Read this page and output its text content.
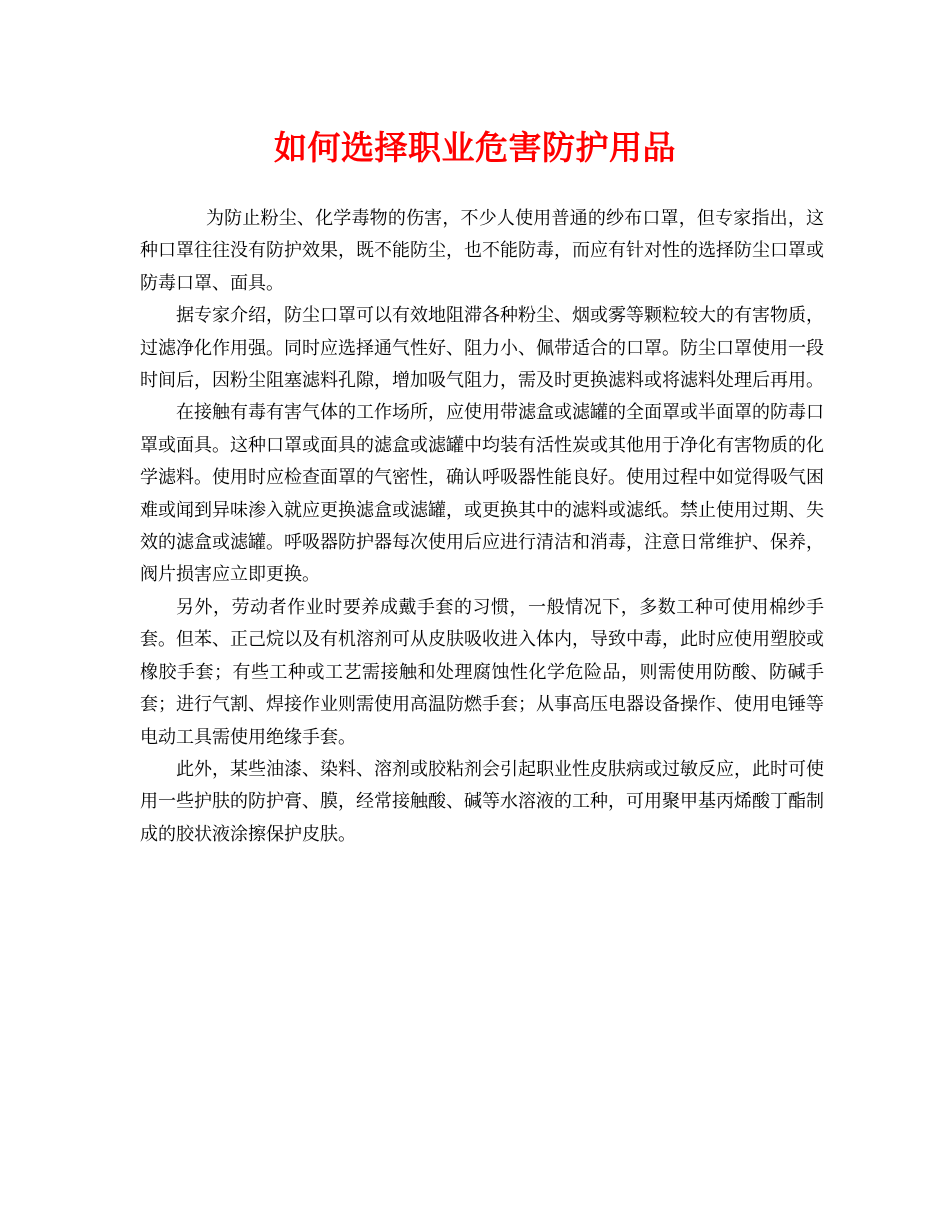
如何选择职业危害防护用品

为防止粉尘、化学毒物的伤害，不少人使用普通的纱布口罩，但专家指出，这种口罩往往没有防护效果，既不能防尘，也不能防毒，而应有针对性的选择防尘口罩或防毒口罩、面具。

据专家介绍，防尘口罩可以有效地阻滞各种粉尘、烟或雾等颗粒较大的有害物质，过滤净化作用强。同时应选择通气性好、阻力小、佩带适合的口罩。防尘口罩使用一段时间后，因粉尘阻塞滤料孔隙，增加吸气阻力，需及时更换滤料或将滤料处理后再用。

在接触有毒有害气体的工作场所，应使用带滤盒或滤罐的全面罩或半面罩的防毒口罩或面具。这种口罩或面具的滤盒或滤罐中均装有活性炭或其他用于净化有害物质的化学滤料。使用时应检查面罩的气密性，确认呼吸器性能良好。使用过程中如觉得吸气困难或闻到异味渗入就应更换滤盒或滤罐，或更换其中的滤料或滤纸。禁止使用过期、失效的滤盒或滤罐。呼吸器防护器每次使用后应进行清洁和消毒，注意日常维护、保养，阀片损害应立即更换。

另外，劳动者作业时要养成戴手套的习惯，一般情况下，多数工种可使用棉纱手套。但苯、正己烷以及有机溶剂可从皮肤吸收进入体内，导致中毒，此时应使用塑胶或橡胶手套；有些工种或工艺需接触和处理腐蚀性化学危险品，则需使用防酸、防碱手套；进行气割、焊接作业则需使用高温防燃手套；从事高压电器设备操作、使用电锤等电动工具需使用绝缘手套。

此外，某些油漆、染料、溶剂或胶粘剂会引起职业性皮肤病或过敏反应，此时可使用一些护肤的防护膏、膜，经常接触酸、碱等水溶液的工种，可用聚甲基丙烯酸丁酯制成的胶状液涂擦保护皮肤。
